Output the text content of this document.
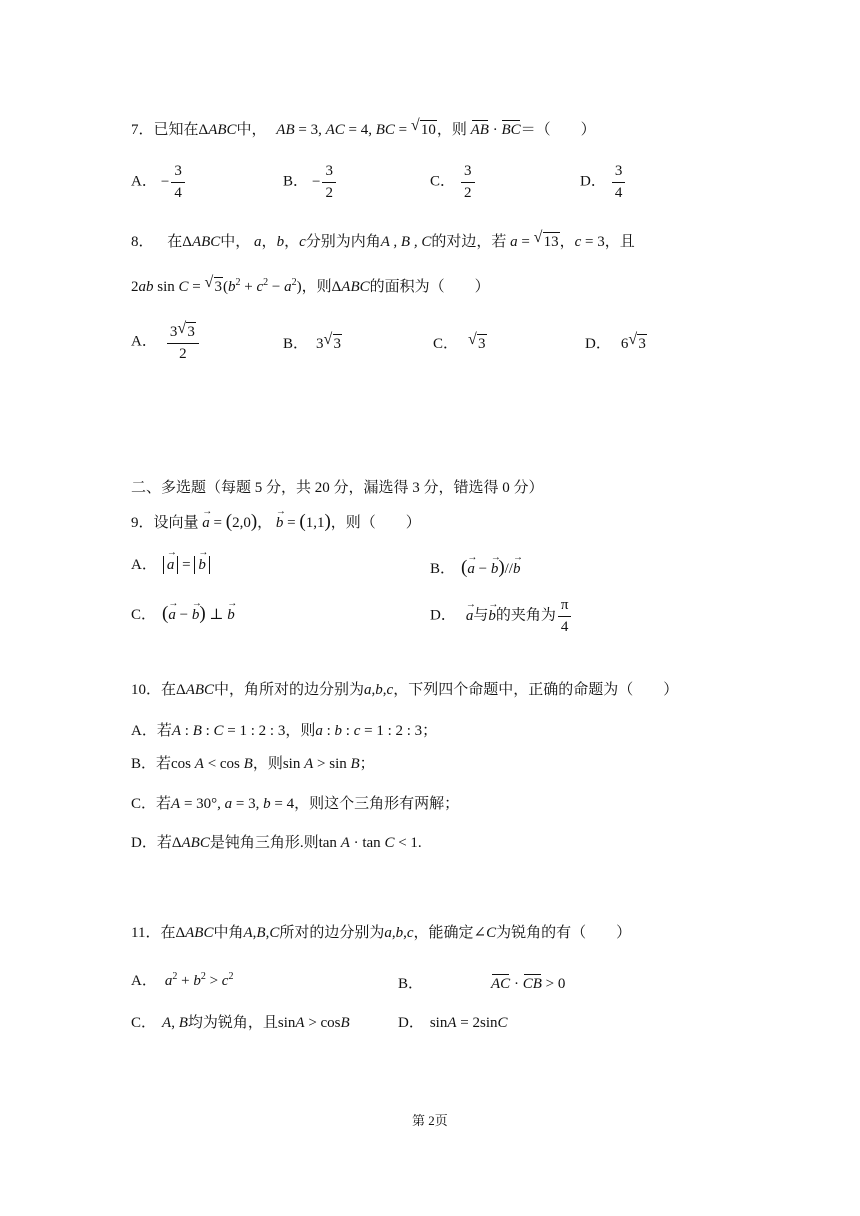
7．已知在ΔABC中， AB = 3, AC = 4, BC = √ 10，则 AB · BC＝（　　）
A． − $\frac{3}{4}$	B． − $\frac{3}{2}$	C． $\frac{3}{2}$	D． $\frac{3}{4}$
8． 在ΔABC中， a，b，c分别为内角A , B , C的对边，若 a = √ 13，c = 3，且
2ab sin C = √ $3(b^2 + c^2 - a^2)$，则ΔABC的面积为（　　）
A． $\frac{3 √ 3}{2}$	B． 3 √ 3	C． √ 3	D． 6 √ 3
二、多选题（每题 5 分，共 20 分，漏选得 3 分，错选得 0 分）
9．设向量
→
a = (2,0)，
→
b = (1,1)，则（　　）
A．
→
a =
→
b	B． ( →
a −
→
b)//
→
b
C． ( →
a −
→
b) ⊥
→
b	D．
→
a与
→
b的夹角为 $\frac{\pi}{4}$
10．在ΔABC中，角所对的边分别为a,b,c，下列四个命题中，正确的命题为（　　）
A．若A : B : C = 1 : 2 : 3，则a : b : c = 1 : 2 : 3；
B．若cos A < cos B，则sin A > sin B；
C．若A = 30°, a = 3, b = 4，则这个三角形有两解；
D．若ΔABC是钝角三角形.则tan A · tan C < 1.
11．在ΔABC中角A,B,C所对的边分别为a,b,c，能确定∠C为锐角的有（　　）
A． $a^2 + b^2 > c^2$	B．	AC · CB > 0
C． A, B均为锐角，且sinA > cosB	D． sinA = 2sinC
第 2页
